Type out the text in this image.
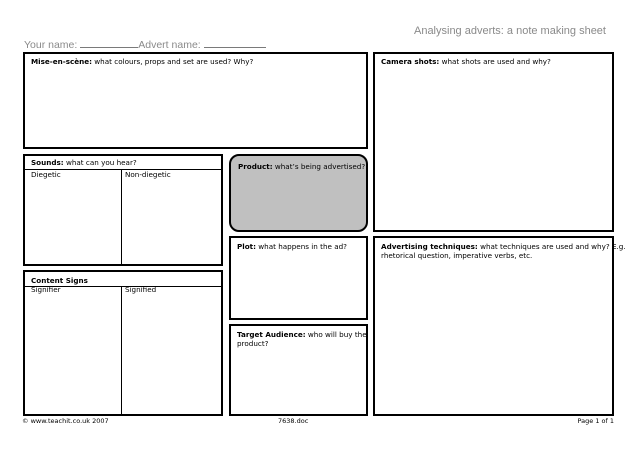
Analysing adverts: a note making sheet
Your name:	Advert name:
Mise-en-scène: what colours, props and set are used? Why?	Camera shots: what shots are used and why?
Sounds: what can you hear?
Diegetic	Non-diegetic
Product: what’s being advertised?
Plot: what happens in the ad?	Advertising techniques: what techniques are used and why? E.g.
rhetorical question, imperative verbs, etc.
Content Signs
Signifier	Signified
Target Audience: who will buy the
product?
© www.teachit.co.uk 2007	7638.doc	Page 1 of 1
